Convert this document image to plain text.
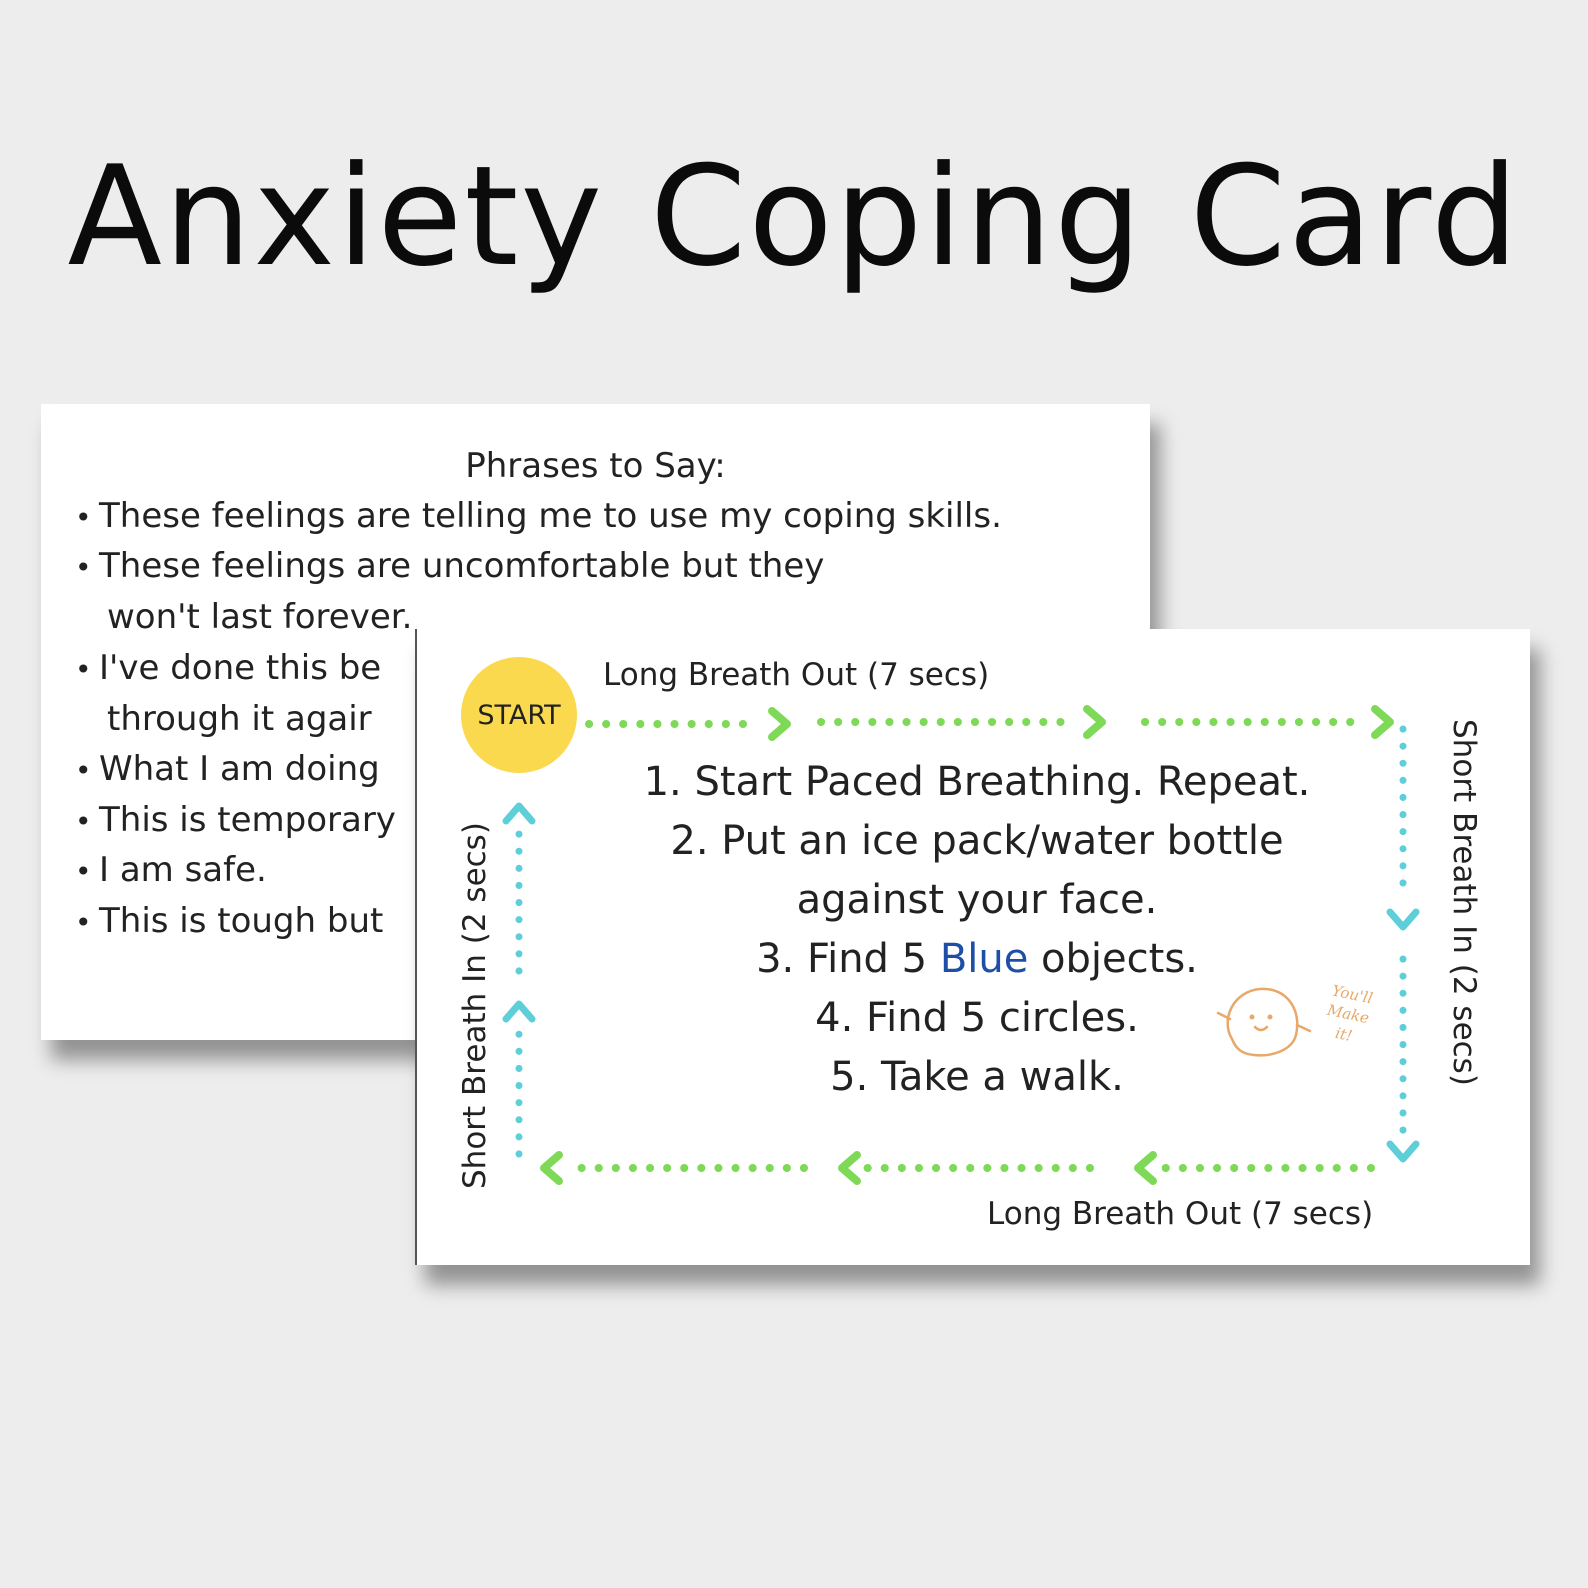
Anxiety Coping Card
Phrases to Say:
• These feelings are telling me to use my coping skills.
• These feelings are uncomfortable but they
won't last forever.
• I've done this be
through it agair
• What I am doing
• This is temporary
• I am safe.
• This is tough but
START
Long Breath Out (7 secs)
Long Breath Out (7 secs)
Short Breath In (2 secs)	Short Breath In (2 secs)
1. Start Paced Breathing. Repeat.
2. Put an ice pack/water bottle
against your face.
3. Find 5 Blue objects.
4. Find 5 circles.
5. Take a walk.
You'll
Make
it!
